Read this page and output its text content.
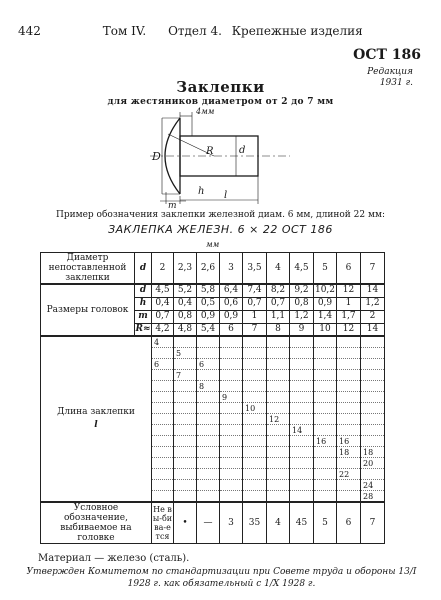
442	Том IV. Отдел 4. Крепежные изделия
ОСТ 186
Редакция
1931 г.
Заклепки
для жестяников диаметром от 2 до 7 мм
D	d
R
4мм
h
m
l
Пример обозначения заклепки железной диам. 6 мм, длиной 22 мм:
ЗАКЛЕПКА ЖЕЛЕЗН. 6 × 22 ОСТ 186
мм
Диаметр непоставленной заклепки	d	2	2,3	2,6	3	3,5	4	4,5	5	6	7
Размеры головок	d	4,5	5,2	5,8	6,4	7,4	8,2	9,2	10,2	12	14
	h	0,4	0,4	0,5	0,6	0,7	0,7	0,8	0,9	1	1,2
	m	0,7	0,8	0,9	0,9	1	1,1	1,2	1,4	1,7	2
	R≈	4,2	4,8	5,4	6	7	8	9	10	12	14

Длина заклепки
l		4									
			5								
		6		6							
			7								
				8							
					9						
						10					
							12				
								14			
									16	16	
										18	18
											20
										22	
											24
											28
Условное обозначение, выбиваемое на головке		Не вы-бива-ется	•	—	3	35	4	45	5	6	7
Материал — железо (сталь).
Утвержден Комитетом по стандартизации при Совете труда и обороны 13/I 1928 г. как обязательный с 1/X 1928 г.
